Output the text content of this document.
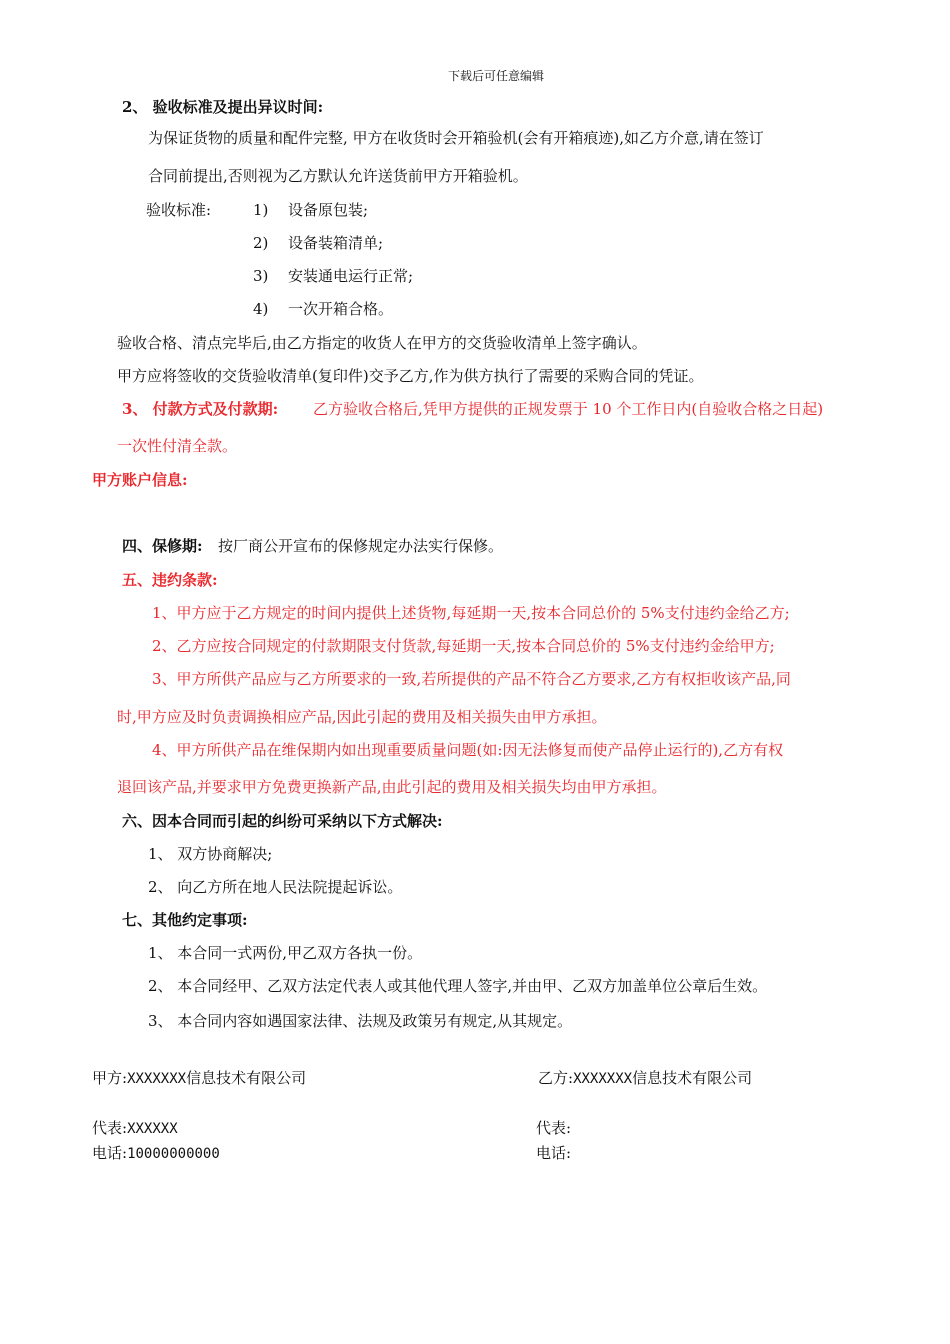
下载后可任意编辑
2、 验收标准及提出异议时间:
为保证货物的质量和配件完整, 甲方在收货时会开箱验机(会有开箱痕迹),如乙方介意,请在签订
合同前提出,否则视为乙方默认允许送货前甲方开箱验机。
验收标准:	1) 设备原包装;
2) 设备装箱清单;
3) 安装通电运行正常;
4) 一次开箱合格。
验收合格、清点完毕后,由乙方指定的收货人在甲方的交货验收清单上签字确认。
甲方应将签收的交货验收清单(复印件)交予乙方,作为供方执行了需要的采购合同的凭证。
3、 付款方式及付款期: 乙方验收合格后,凭甲方提供的正规发票于 10 个工作日内(自验收合格之日起)
一次性付清全款。
甲方账户信息:
四、保修期: 按厂商公开宣布的保修规定办法实行保修。
五、违约条款:
1、甲方应于乙方规定的时间内提供上述货物,每延期一天,按本合同总价的 5%支付违约金给乙方;
2、乙方应按合同规定的付款期限支付货款,每延期一天,按本合同总价的 5%支付违约金给甲方;
3、甲方所供产品应与乙方所要求的一致,若所提供的产品不符合乙方要求,乙方有权拒收该产品,同
时,甲方应及时负责调换相应产品,因此引起的费用及相关损失由甲方承担。
4、甲方所供产品在维保期内如出现重要质量问题(如:因无法修复而使产品停止运行的),乙方有权
退回该产品,并要求甲方免费更换新产品,由此引起的费用及相关损失均由甲方承担。
六、因本合同而引起的纠纷可采纳以下方式解决:
1、 双方协商解决;
2、 向乙方所在地人民法院提起诉讼。
七、其他约定事项:
1、 本合同一式两份,甲乙双方各执一份。
2、 本合同经甲、乙双方法定代表人或其他代理人签字,并由甲、乙双方加盖单位公章后生效。
3、 本合同内容如遇国家法律、法规及政策另有规定,从其规定。
甲方:XXXXXXX信息技术有限公司
代表:XXXXXX
电话:10000000000
乙方:XXXXXXX信息技术有限公司
代表:
电话:
